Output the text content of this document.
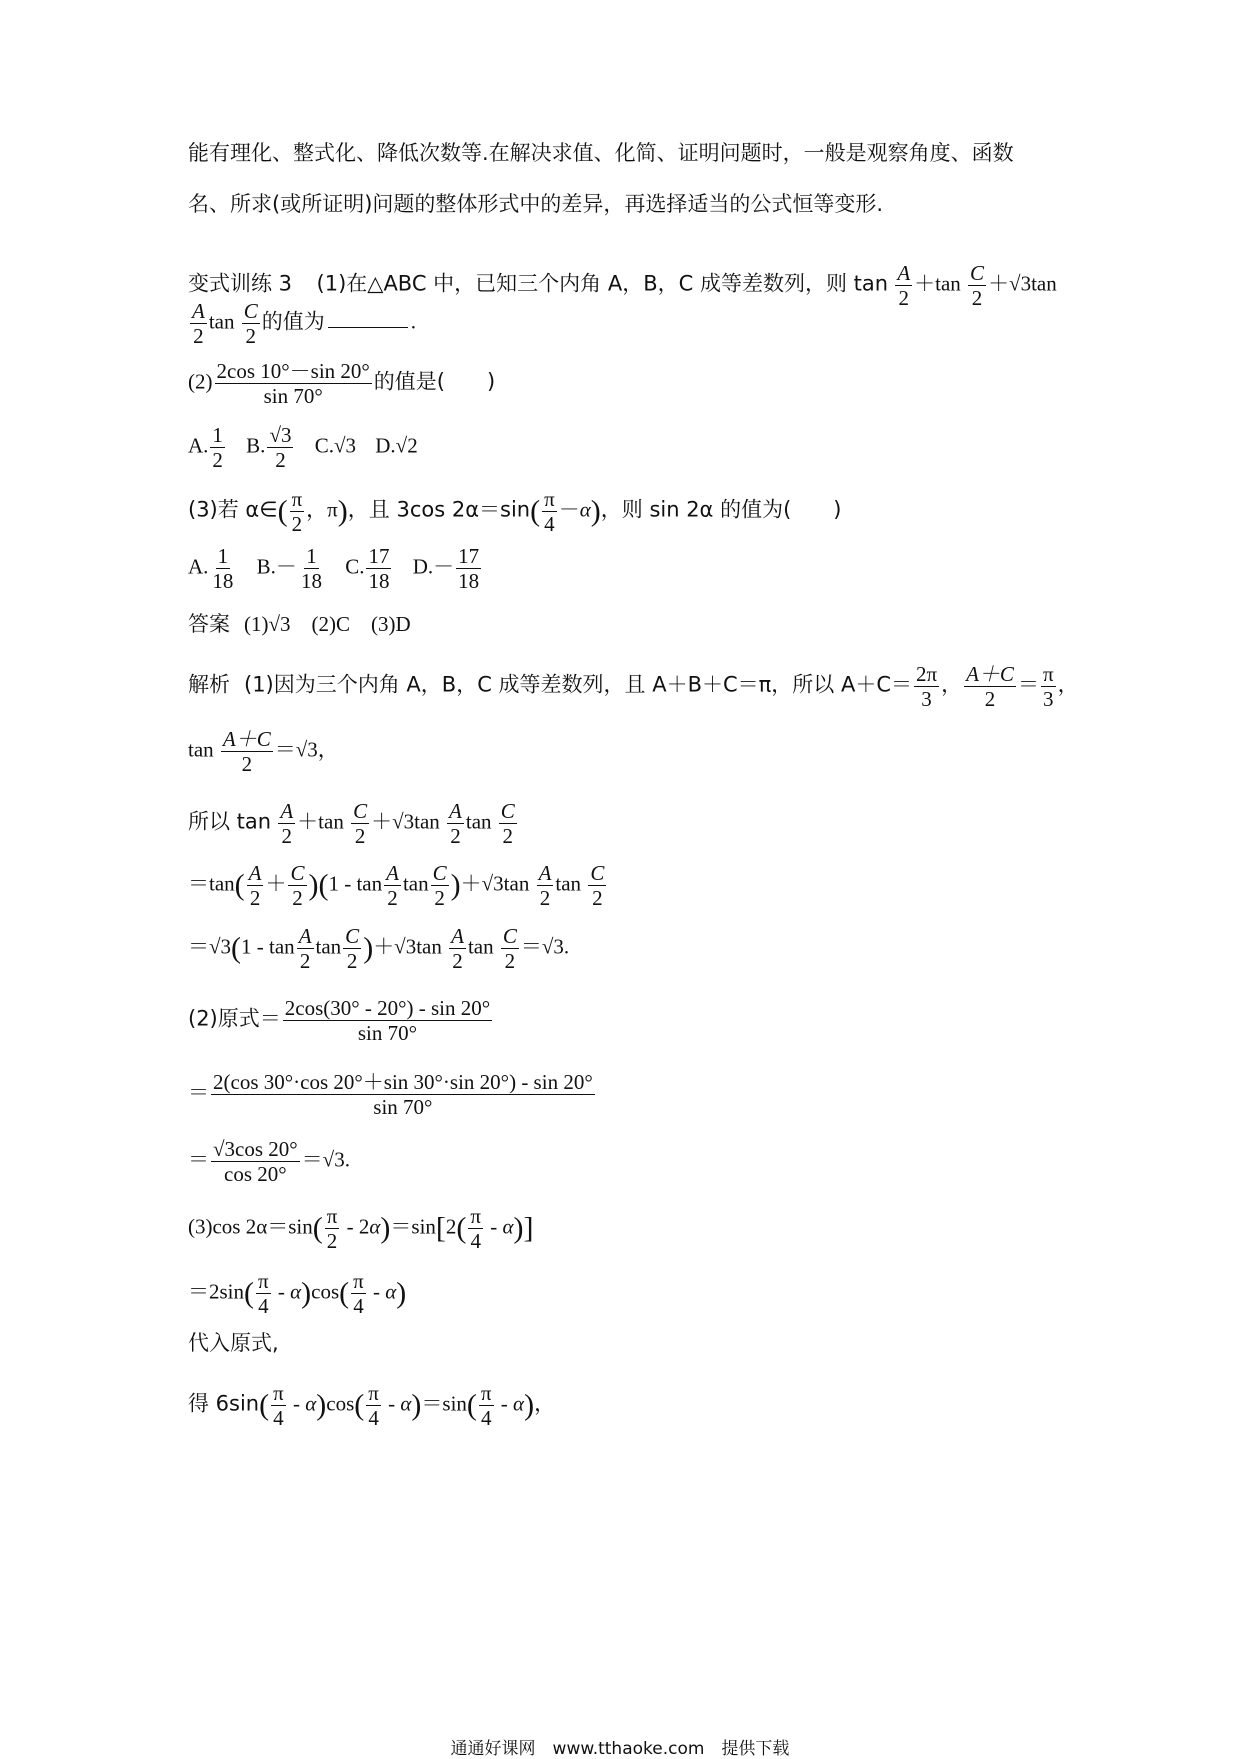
能有理化、整式化、降低次数等.在解决求值、化简、证明问题时，一般是观察角度、函数
名、所求(或所证明)问题的整体形式中的差异，再选择适当的公式恒等变形.
变式训练 3 (1)在△ABC 中，已知三个内角 A，B，C 成等差数列，则 $\tan \frac{A}{2} +\tan \frac{C}{2} +√3\tan$
$\frac{A}{2}$ $\tan \frac{C}{2}$ 的值为	.
$(2) \frac{2\cos 10^\circ-\sin 20^\circ}{\sin 70^\circ}$ 的值是(　　)
A. $\frac{1}{2} B$. $\frac{√3}{2} C.√3$ D.√2
(3)若 α∈( $\frac{\pi}{2}$ ，π)，且 3cos $2\alpha=\sin( \frac{\pi}{4} -\alpha)$，则 sin 2α 的值为(　　)
A. $\frac{1}{18} B.- \frac{1}{18} C$. $\frac{17}{18} D.- \frac{17}{18}$
答案 (1)√3　(2)C　(3)D
解析 (1)因为三个内角 A，B，C 成等差数列，且 A＋B＋C＝π，所以 $A+C= \frac{2\pi}{3}$ ， $\frac{A+C}{2} = \frac{\pi}{3}$ ，
$\tan \frac{A+C}{2} =√3$，
所以 $\tan \frac{A}{2} +\tan \frac{C}{2} +√3\tan \frac{A}{2}$ $\tan \frac{C}{2}$
$=\tan( \frac{A}{2} + \frac{C}{2} )(1 - \tan \frac{A}{2}$ $\tan \frac{C}{2} )+√3\tan \frac{A}{2}$ $\tan \frac{C}{2}$
$=√3(1 - \tan \frac{A}{2}$ $\tan \frac{C}{2} )+√3\tan \frac{A}{2}$ $\tan \frac{C}{2} =√3$.
(2)原式＝ $\frac{2\cos(30^\circ - 20^\circ) - \sin 20^\circ}{\sin 70^\circ}$
＝ $\frac{2(\cos 30^\circ\cdot\cos 20^\circ+\sin 30^\circ\cdot\sin 20^\circ) - \sin 20^\circ}{\sin 70^\circ}$
＝ $\frac{√3\cos 20^\circ}{\cos 20^\circ} =√3$.
(3)cos $2\alpha=\sin( \frac{\pi}{2} - 2\alpha)=\sin[2( \frac{\pi}{4} - \alpha)]$
$=2\sin( \frac{\pi}{4} - \alpha)\cos( \frac{\pi}{4} - \alpha)$
代入原式,
得 $6\sin( \frac{\pi}{4} - \alpha)\cos( \frac{\pi}{4} - \alpha)=\sin( \frac{\pi}{4} - \alpha)$，
通通好课网　www.tthaoke.com　提供下载
